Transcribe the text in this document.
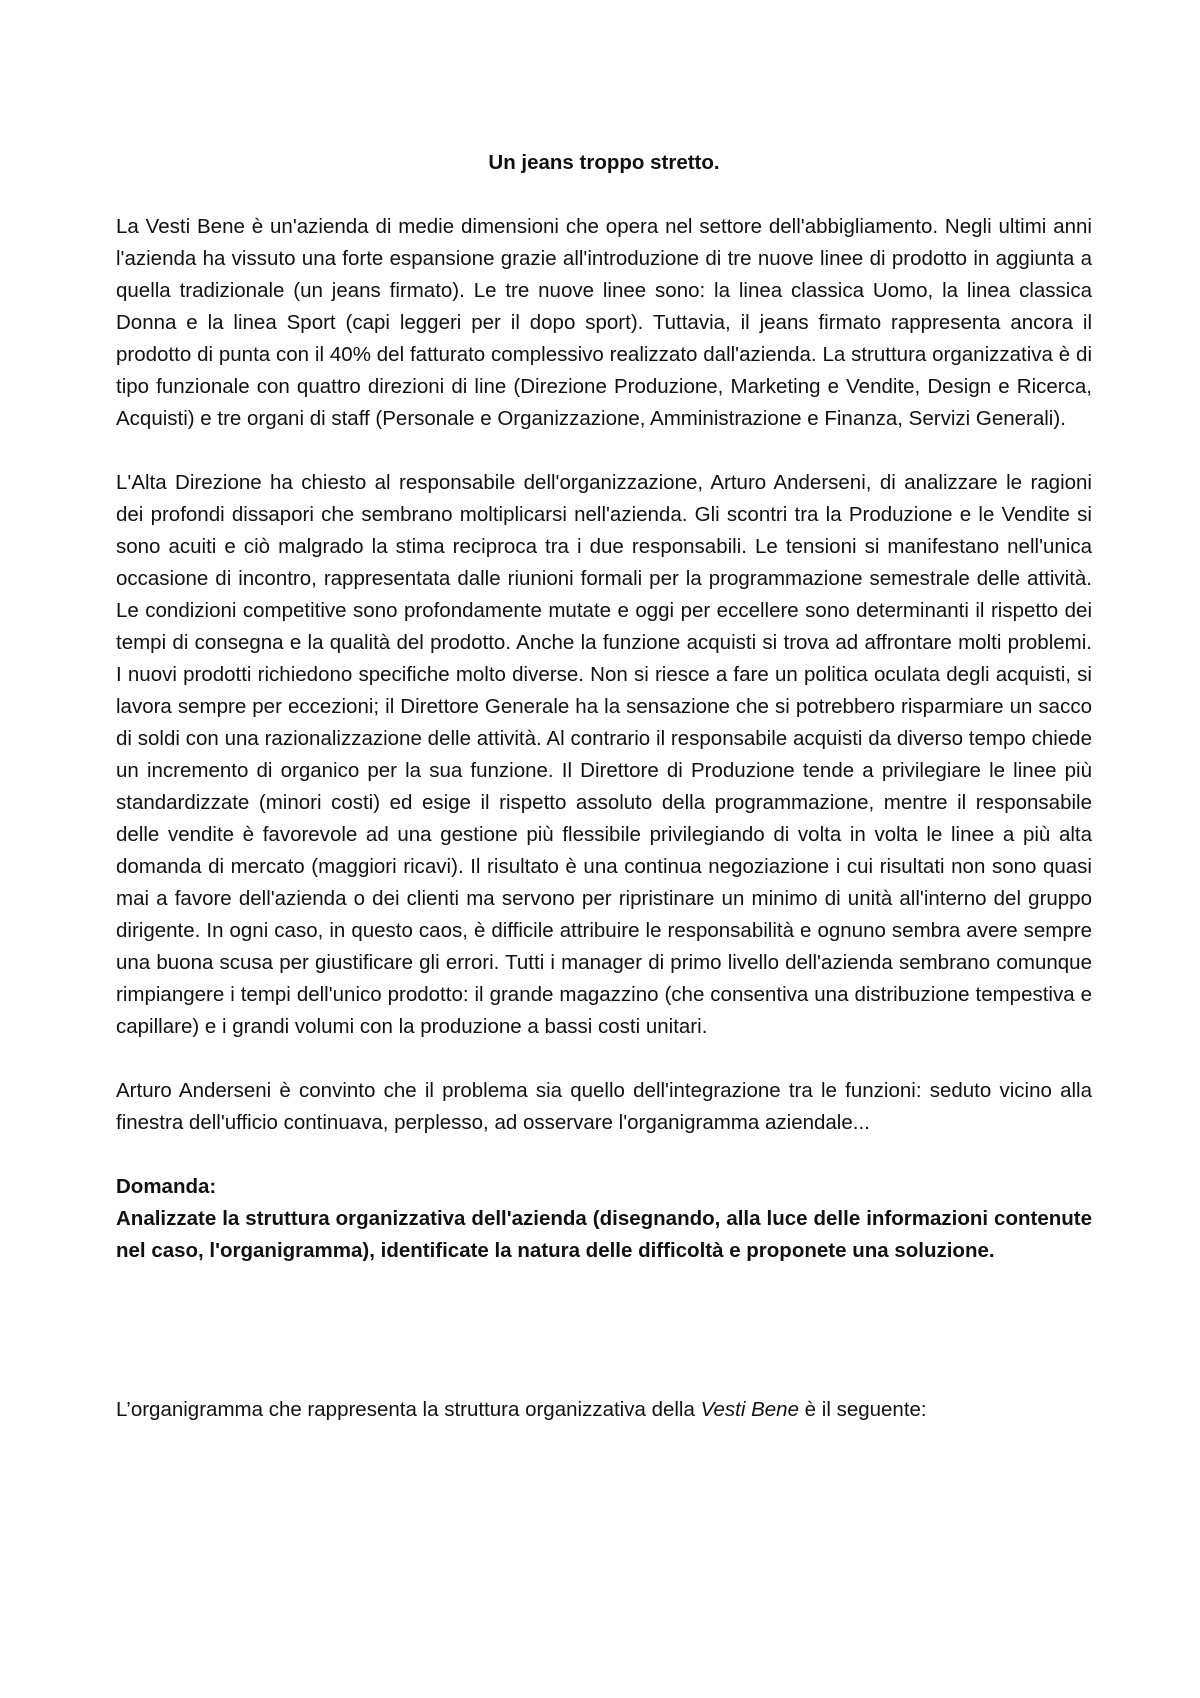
Un jeans troppo stretto.

La Vesti Bene è un'azienda di medie dimensioni che opera nel settore dell'abbigliamento. Negli ultimi anni l'azienda ha vissuto una forte espansione grazie all'introduzione di tre nuove linee di prodotto in aggiunta a quella tradizionale (un jeans firmato). Le tre nuove linee sono: la linea classica Uomo, la linea classica Donna e la linea Sport (capi leggeri per il dopo sport). Tuttavia, il jeans firmato rappresenta ancora il prodotto di punta con il 40% del fatturato complessivo realizzato dall'azienda. La struttura organizzativa è di tipo funzionale con quattro direzioni di line (Direzione Produzione, Marketing e Vendite, Design e Ricerca, Acquisti) e tre organi di staff (Personale e Organizzazione, Amministrazione e Finanza, Servizi Generali).

L'Alta Direzione ha chiesto al responsabile dell'organizzazione, Arturo Anderseni, di analizzare le ragioni dei profondi dissapori che sembrano moltiplicarsi nell'azienda. Gli scontri tra la Produzione e le Vendite si sono acuiti e ciò malgrado la stima reciproca tra i due responsabili. Le tensioni si manifestano nell'unica occasione di incontro, rappresentata dalle riunioni formali per la programmazione semestrale delle attività. Le condizioni competitive sono profondamente mutate e oggi per eccellere sono determinanti il rispetto dei tempi di consegna e la qualità del prodotto. Anche la funzione acquisti si trova ad affrontare molti problemi. I nuovi prodotti richiedono specifiche molto diverse. Non si riesce a fare un politica oculata degli acquisti, si lavora sempre per eccezioni; il Direttore Generale ha la sensazione che si potrebbero risparmiare un sacco di soldi con una razionalizzazione delle attività. Al contrario il responsabile acquisti da diverso tempo chiede un incremento di organico per la sua funzione. Il Direttore di Produzione tende a privilegiare le linee più standardizzate (minori costi) ed esige il rispetto assoluto della programmazione, mentre il responsabile delle vendite è favorevole ad una gestione più flessibile privilegiando di volta in volta le linee a più alta domanda di mercato (maggiori ricavi). Il risultato è una continua negoziazione i cui risultati non sono quasi mai a favore dell'azienda o dei clienti ma servono per ripristinare un minimo di unità all'interno del gruppo dirigente. In ogni caso, in questo caos, è difficile attribuire le responsabilità e ognuno sembra avere sempre una buona scusa per giustificare gli errori. Tutti i manager di primo livello dell'azienda sembrano comunque rimpiangere i tempi dell'unico prodotto: il grande magazzino (che consentiva una distribuzione tempestiva e capillare) e i grandi volumi con la produzione a bassi costi unitari.

Arturo Anderseni è convinto che il problema sia quello dell'integrazione tra le funzioni: seduto vicino alla finestra dell'ufficio continuava, perplesso, ad osservare l'organigramma aziendale...

Domanda:

Analizzate la struttura organizzativa dell'azienda (disegnando, alla luce delle informazioni contenute nel caso, l'organigramma), identificate la natura delle difficoltà e proponete una soluzione.

L’organigramma che rappresenta la struttura organizzativa della Vesti Bene è il seguente:
